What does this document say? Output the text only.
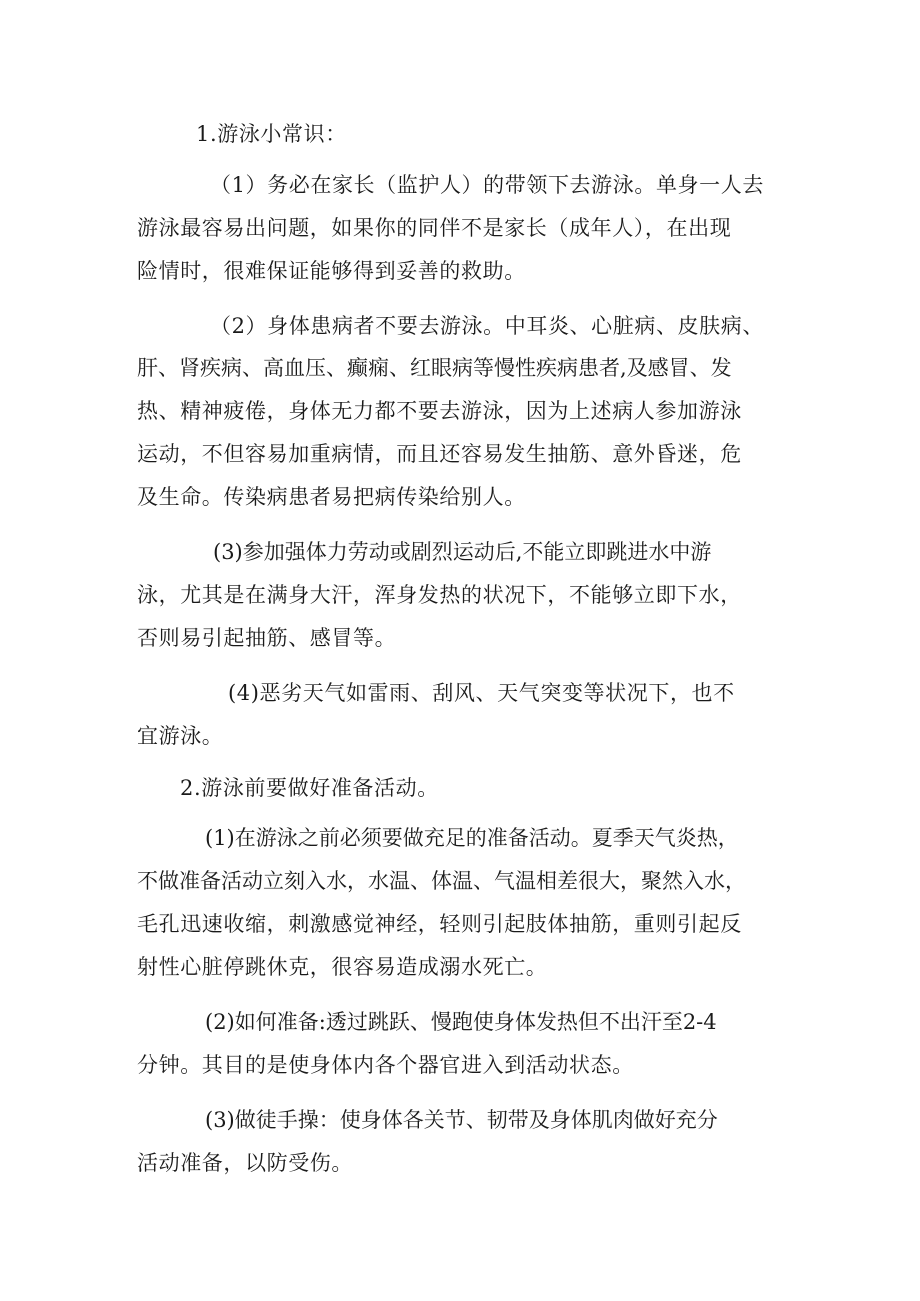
1.游泳小常识：
（1）务必在家长（监护人）的带领下去游泳。单身一人去
游泳最容易出问题，如果你的同伴不是家长（成年人），在出现
险情时，很难保证能够得到妥善的救助。
（2）身体患病者不要去游泳。中耳炎、心脏病、皮肤病、
肝、肾疾病、高血压、癫痫、红眼病等慢性疾病患者,及感冒、发
热、精神疲倦，身体无力都不要去游泳，因为上述病人参加游泳
运动，不但容易加重病情，而且还容易发生抽筋、意外昏迷，危
及生命。传染病患者易把病传染给别人。
(3)参加强体力劳动或剧烈运动后,不能立即跳进水中游
泳，尤其是在满身大汗，浑身发热的状况下，不能够立即下水，
否则易引起抽筋、感冒等。
(4)恶劣天气如雷雨、刮风、天气突变等状况下，也不
宜游泳。
2.游泳前要做好准备活动。
(1)在游泳之前必须要做充足的准备活动。夏季天气炎热，
不做准备活动立刻入水，水温、体温、气温相差很大，聚然入水，
毛孔迅速收缩，刺激感觉神经，轻则引起肢体抽筋，重则引起反
射性心脏停跳休克，很容易造成溺水死亡。
(2)如何准备:透过跳跃、慢跑使身体发热但不出汗至2-4
分钟。其目的是使身体内各个器官进入到活动状态。
(3)做徒手操：使身体各关节、韧带及身体肌肉做好充分
活动准备，以防受伤。
